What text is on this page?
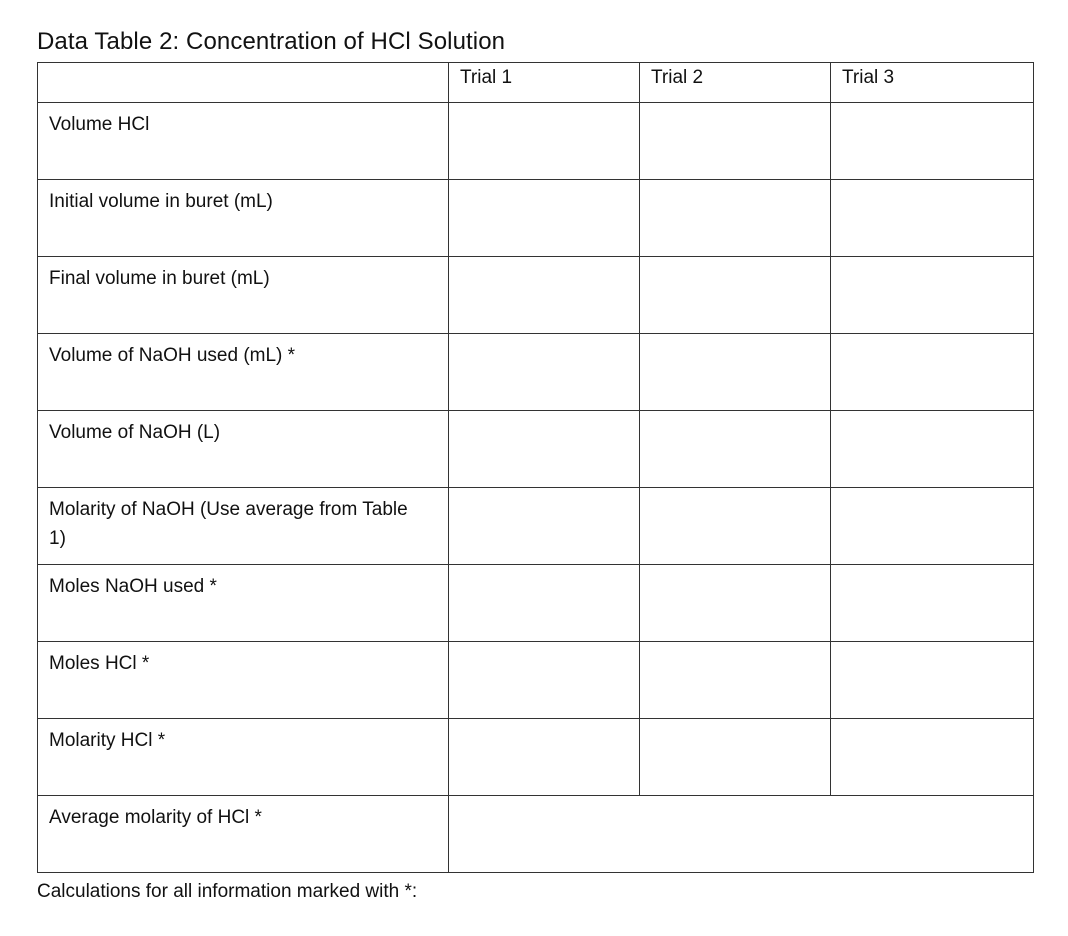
Data Table 2: Concentration of HCl Solution

	Trial 1	Trial 2	Trial 3

Volume HCl			

Initial volume in buret (mL)			

Final volume in buret (mL)			

Volume of NaOH used (mL) *			

Volume of NaOH (L)			

Molarity of NaOH (Use average from Table 1)			

Moles NaOH used *			

Moles HCl *			

Molarity HCl *			

Average molarity of HCl *			

Calculations for all information marked with *:
